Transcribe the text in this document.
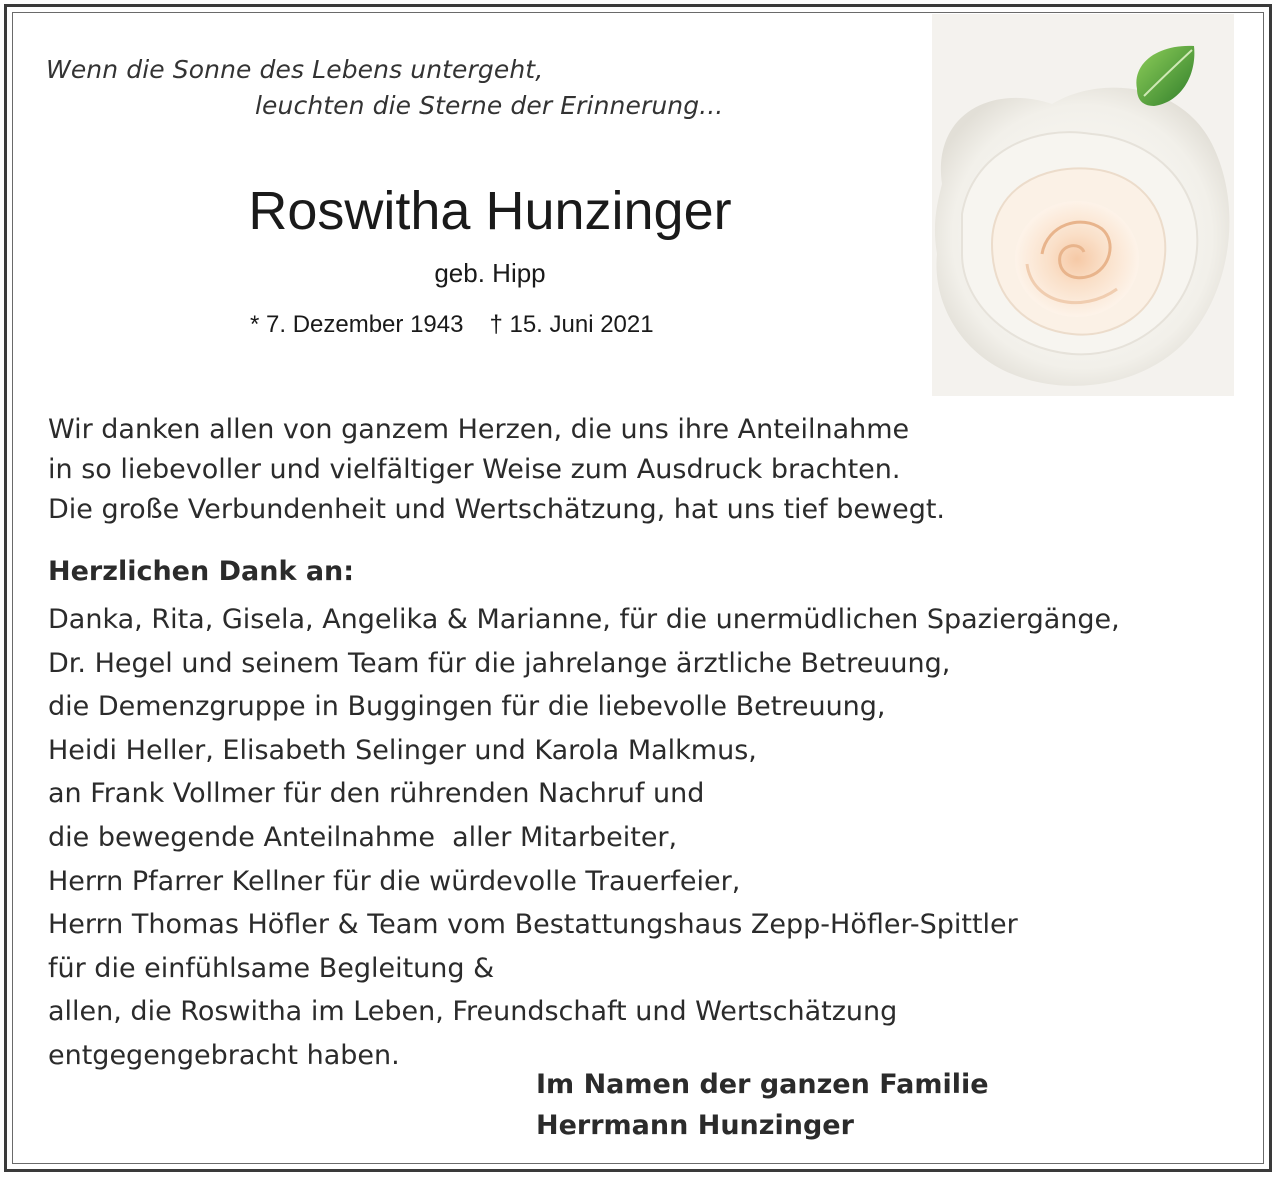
Wenn die Sonne des Lebens untergeht,
leuchten die Sterne der Erinnerung...
Roswitha Hunzinger
geb. Hipp
* 7. Dezember 1943 † 15. Juni 2021
Wir danken allen von ganzem Herzen, die uns ihre Anteilnahme
in so liebevoller und vielfältiger Weise zum Ausdruck brachten.
Die große Verbundenheit und Wertschätzung, hat uns tief bewegt.
Herzlichen Dank an:
Danka, Rita, Gisela, Angelika & Marianne, für die unermüdlichen Spaziergänge,
Dr. Hegel und seinem Team für die jahrelange ärztliche Betreuung,
die Demenzgruppe in Buggingen für die liebevolle Betreuung,
Heidi Heller, Elisabeth Selinger und Karola Malkmus,
an Frank Vollmer für den rührenden Nachruf und
die bewegende Anteilnahme  aller Mitarbeiter,
Herrn Pfarrer Kellner für die würdevolle Trauerfeier,
Herrn Thomas Höfler & Team vom Bestattungshaus Zepp-Höfler-Spittler
für die einfühlsame Begleitung &
allen, die Roswitha im Leben, Freundschaft und Wertschätzung
entgegengebracht haben.
Im Namen der ganzen Familie
Herrmann Hunzinger
